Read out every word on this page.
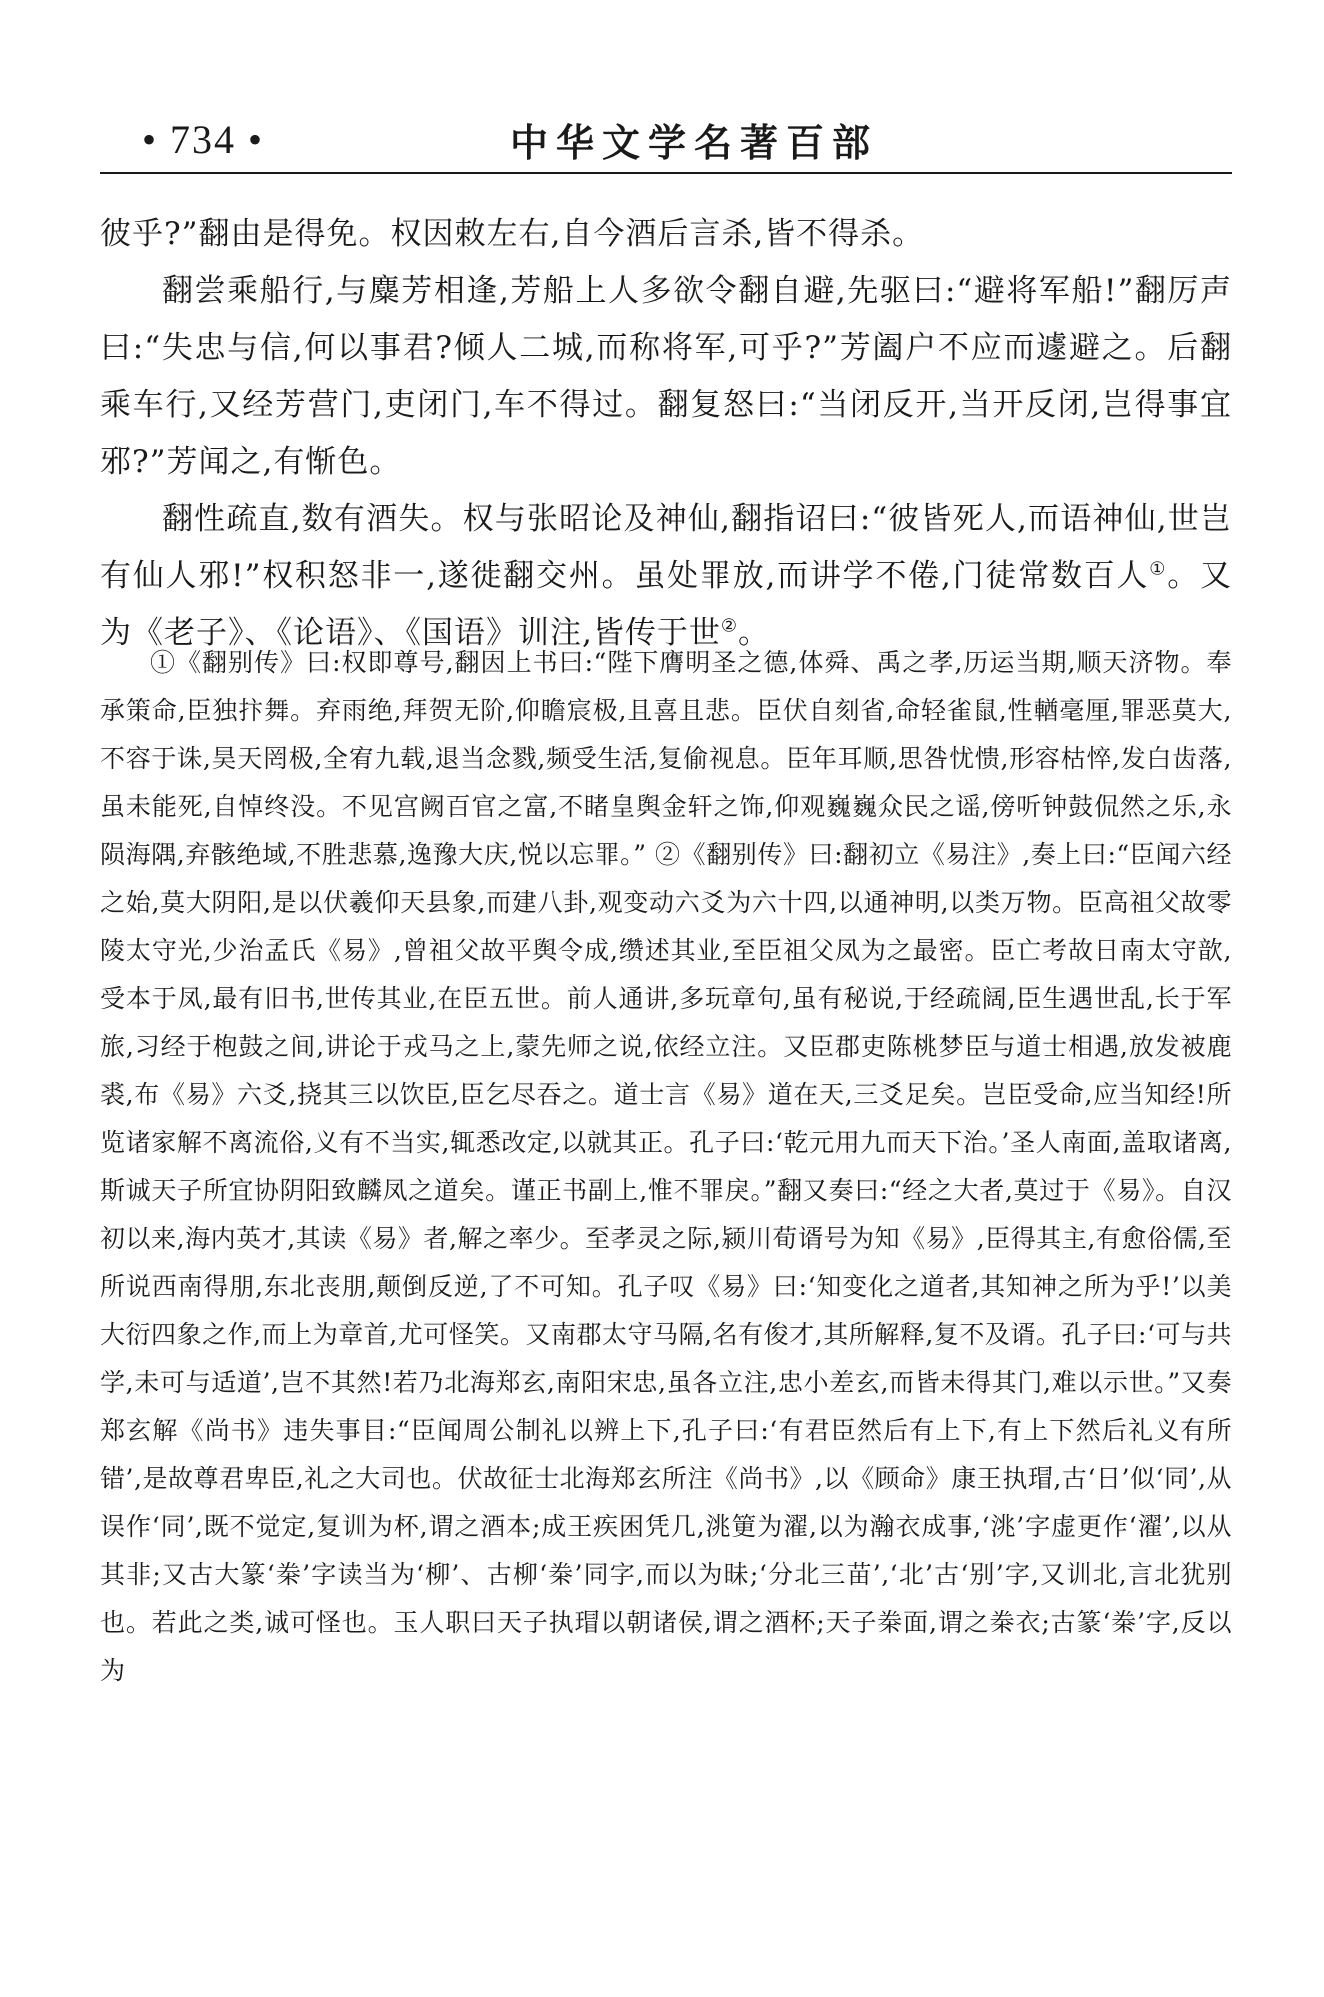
• 734 •	中华文学名著百部

彼乎?”翻由是得免。权因敕左右,自今酒后言杀,皆不得杀。

翻尝乘船行,与麋芳相逢,芳船上人多欲令翻自避,先驱曰:“避将军船!”翻厉声曰:“失忠与信,何以事君?倾人二城,而称将军,可乎?”芳阖户不应而遽避之。后翻乘车行,又经芳营门,吏闭门,车不得过。翻复怒曰:“当闭反开,当开反闭,岂得事宜邪?”芳闻之,有惭色。

翻性疏直,数有酒失。权与张昭论及神仙,翻指诏曰:“彼皆死人,而语神仙,世岂有仙人邪!”权积怒非一,遂徙翻交州。虽处罪放,而讲学不倦,门徒常数百人①。又为《老子》、《论语》、《国语》训注,皆传于世②。

①《翻别传》曰:权即尊号,翻因上书曰:“陛下膺明圣之德,体舜、禹之孝,历运当期,顺天济物。奉承策命,臣独抃舞。弃雨绝,拜贺无阶,仰瞻宸极,且喜且悲。臣伏自刻省,命轻雀鼠,性輶毫厘,罪恶莫大,不容于诛,昊天罔极,全宥九载,退当念戮,频受生活,复偷视息。臣年耳顺,思咎忧愦,形容枯悴,发白齿落,虽未能死,自悼终没。不见宫阙百官之富,不睹皇舆金轩之饰,仰观巍巍众民之谣,傍听钟鼓侃然之乐,永陨海隅,弃骸绝域,不胜悲慕,逸豫大庆,悦以忘罪。” ②《翻别传》曰:翻初立《易注》,奏上曰:“臣闻六经之始,莫大阴阳,是以伏羲仰天县象,而建八卦,观变动六爻为六十四,以通神明,以类万物。臣高祖父故零陵太守光,少治孟氏《易》,曾祖父故平舆令成,缵述其业,至臣祖父凤为之最密。臣亡考故日南太守歆,受本于凤,最有旧书,世传其业,在臣五世。前人通讲,多玩章句,虽有秘说,于经疏阔,臣生遇世乱,长于军旅,习经于枹鼓之间,讲论于戎马之上,蒙先师之说,依经立注。又臣郡吏陈桃梦臣与道士相遇,放发被鹿裘,布《易》六爻,挠其三以饮臣,臣乞尽吞之。道士言《易》道在天,三爻足矣。岂臣受命,应当知经!所览诸家解不离流俗,义有不当实,辄悉改定,以就其正。孔子曰:‘乾元用九而天下治。’圣人南面,盖取诸离,斯诚天子所宜协阴阳致麟凤之道矣。谨正书副上,惟不罪戾。”翻又奏曰:“经之大者,莫过于《易》。自汉初以来,海内英才,其读《易》者,解之率少。至孝灵之际,颍川荀谞号为知《易》,臣得其主,有愈俗儒,至所说西南得朋,东北丧朋,颠倒反逆,了不可知。孔子叹《易》曰:‘知变化之道者,其知神之所为乎!’以美大衍四象之作,而上为章首,尤可怪笑。又南郡太守马隔,名有俊才,其所解释,复不及谞。孔子曰:‘可与共学,未可与适道’,岂不其然!若乃北海郑玄,南阳宋忠,虽各立注,忠小差玄,而皆未得其门,难以示世。”又奏郑玄解《尚书》违失事目:“臣闻周公制礼以辨上下,孔子曰:‘有君臣然后有上下,有上下然后礼义有所错’,是故尊君卑臣,礼之大司也。伏故征士北海郑玄所注《尚书》,以《顾命》康王执瑁,古‘日’似‘同’,从误作‘同’,既不觉定,复训为杯,谓之酒本;成王疾困凭几,洮筻为濯,以为瀚衣成事,‘洮’字虚更作‘濯’,以从其非;又古大篆‘桊’字读当为‘柳’、古柳‘桊’同字,而以为昧;‘分北三苗’,‘北’古‘别’字,又训北,言北犹别也。若此之类,诚可怪也。玉人职曰天子执瑁以朝诸侯,谓之酒杯;天子桊面,谓之桊衣;古篆‘桊’字,反以为
